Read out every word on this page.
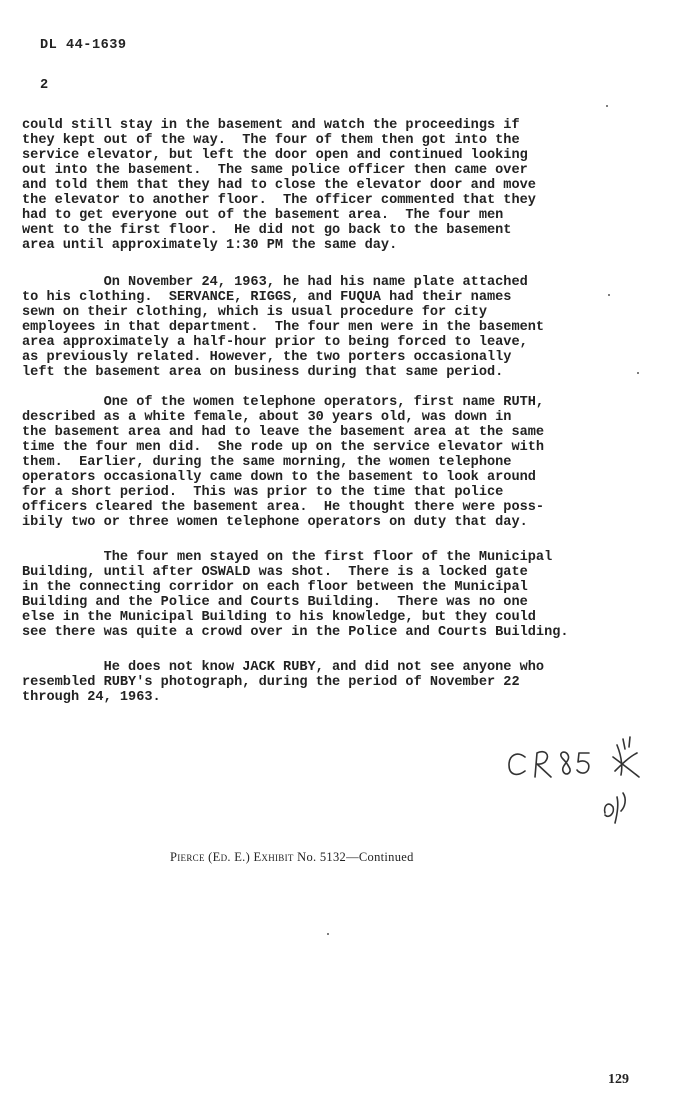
DL 44-1639
2
could still stay in the basement and watch the proceedings if
they kept out of the way.  The four of them then got into the
service elevator, but left the door open and continued looking
out into the basement.  The same police officer then came over
and told them that they had to close the elevator door and move
the elevator to another floor.  The officer commented that they
had to get everyone out of the basement area.  The four men
went to the first floor.  He did not go back to the basement
area until approximately 1:30 PM the same day.
On November 24, 1963, he had his name plate attached
to his clothing.  SERVANCE, RIGGS, and FUQUA had their names
sewn on their clothing, which is usual procedure for city
employees in that department.  The four men were in the basement
area approximately a half-hour prior to being forced to leave,
as previously related. However, the two porters occasionally
left the basement area on business during that same period.
One of the women telephone operators, first name RUTH,
described as a white female, about 30 years old, was down in
the basement area and had to leave the basement area at the same
time the four men did.  She rode up on the service elevator with
them.  Earlier, during the same morning, the women telephone
operators occasionally came down to the basement to look around
for a short period.  This was prior to the time that police
officers cleared the basement area.  He thought there were poss-
ibily two or three women telephone operators on duty that day.
The four men stayed on the first floor of the Municipal
Building, until after OSWALD was shot.  There is a locked gate
in the connecting corridor on each floor between the Municipal
Building and the Police and Courts Building.  There was no one
else in the Municipal Building to his knowledge, but they could
see there was quite a crowd over in the Police and Courts Building.
He does not know JACK RUBY, and did not see anyone who
resembled RUBY's photograph, during the period of November 22
through 24, 1963.
Pierce (Ed. E.) Exhibit No. 5132—Continued
129
